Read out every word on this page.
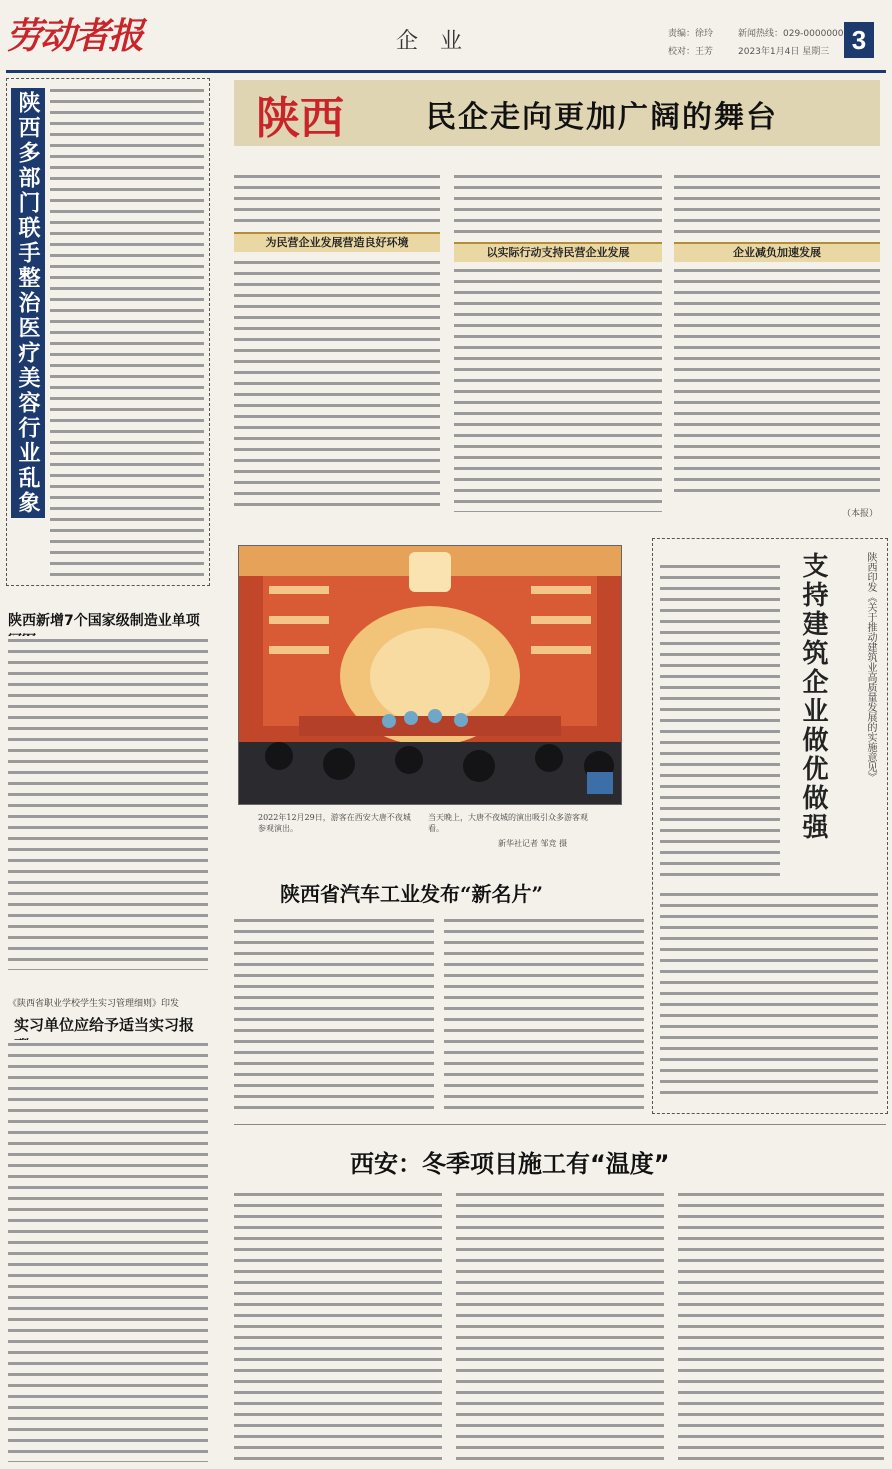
劳动者报	企业	责编：徐玲
校对：王芳
新闻热线：029-0000000
2023年1月4日 星期三 3
陕西多部门联手整治医疗美容行业乱象
陕西新增7个国家级制造业单项
《陕西省职业学校学生实习管理细则》印发
实习单位应给予适当实习报
陕西	民企走向更加广阔的舞台
为民营企业发展营造良好环境
以实际行动支持民营企业发展	企业减负加速发展
（本报）
2022年12月29日，游客在西安大唐不夜城参观演出。
当天晚上，大唐不夜城的演出吸引众多游客观看。
新华社记者 邹竞 摄
支持建筑企业做优做强	陕西印发《关于推动建筑业高质量发展的实施意见》
陕西省汽车工业发布“新名片”
西安：冬季项目施工有“温度”
